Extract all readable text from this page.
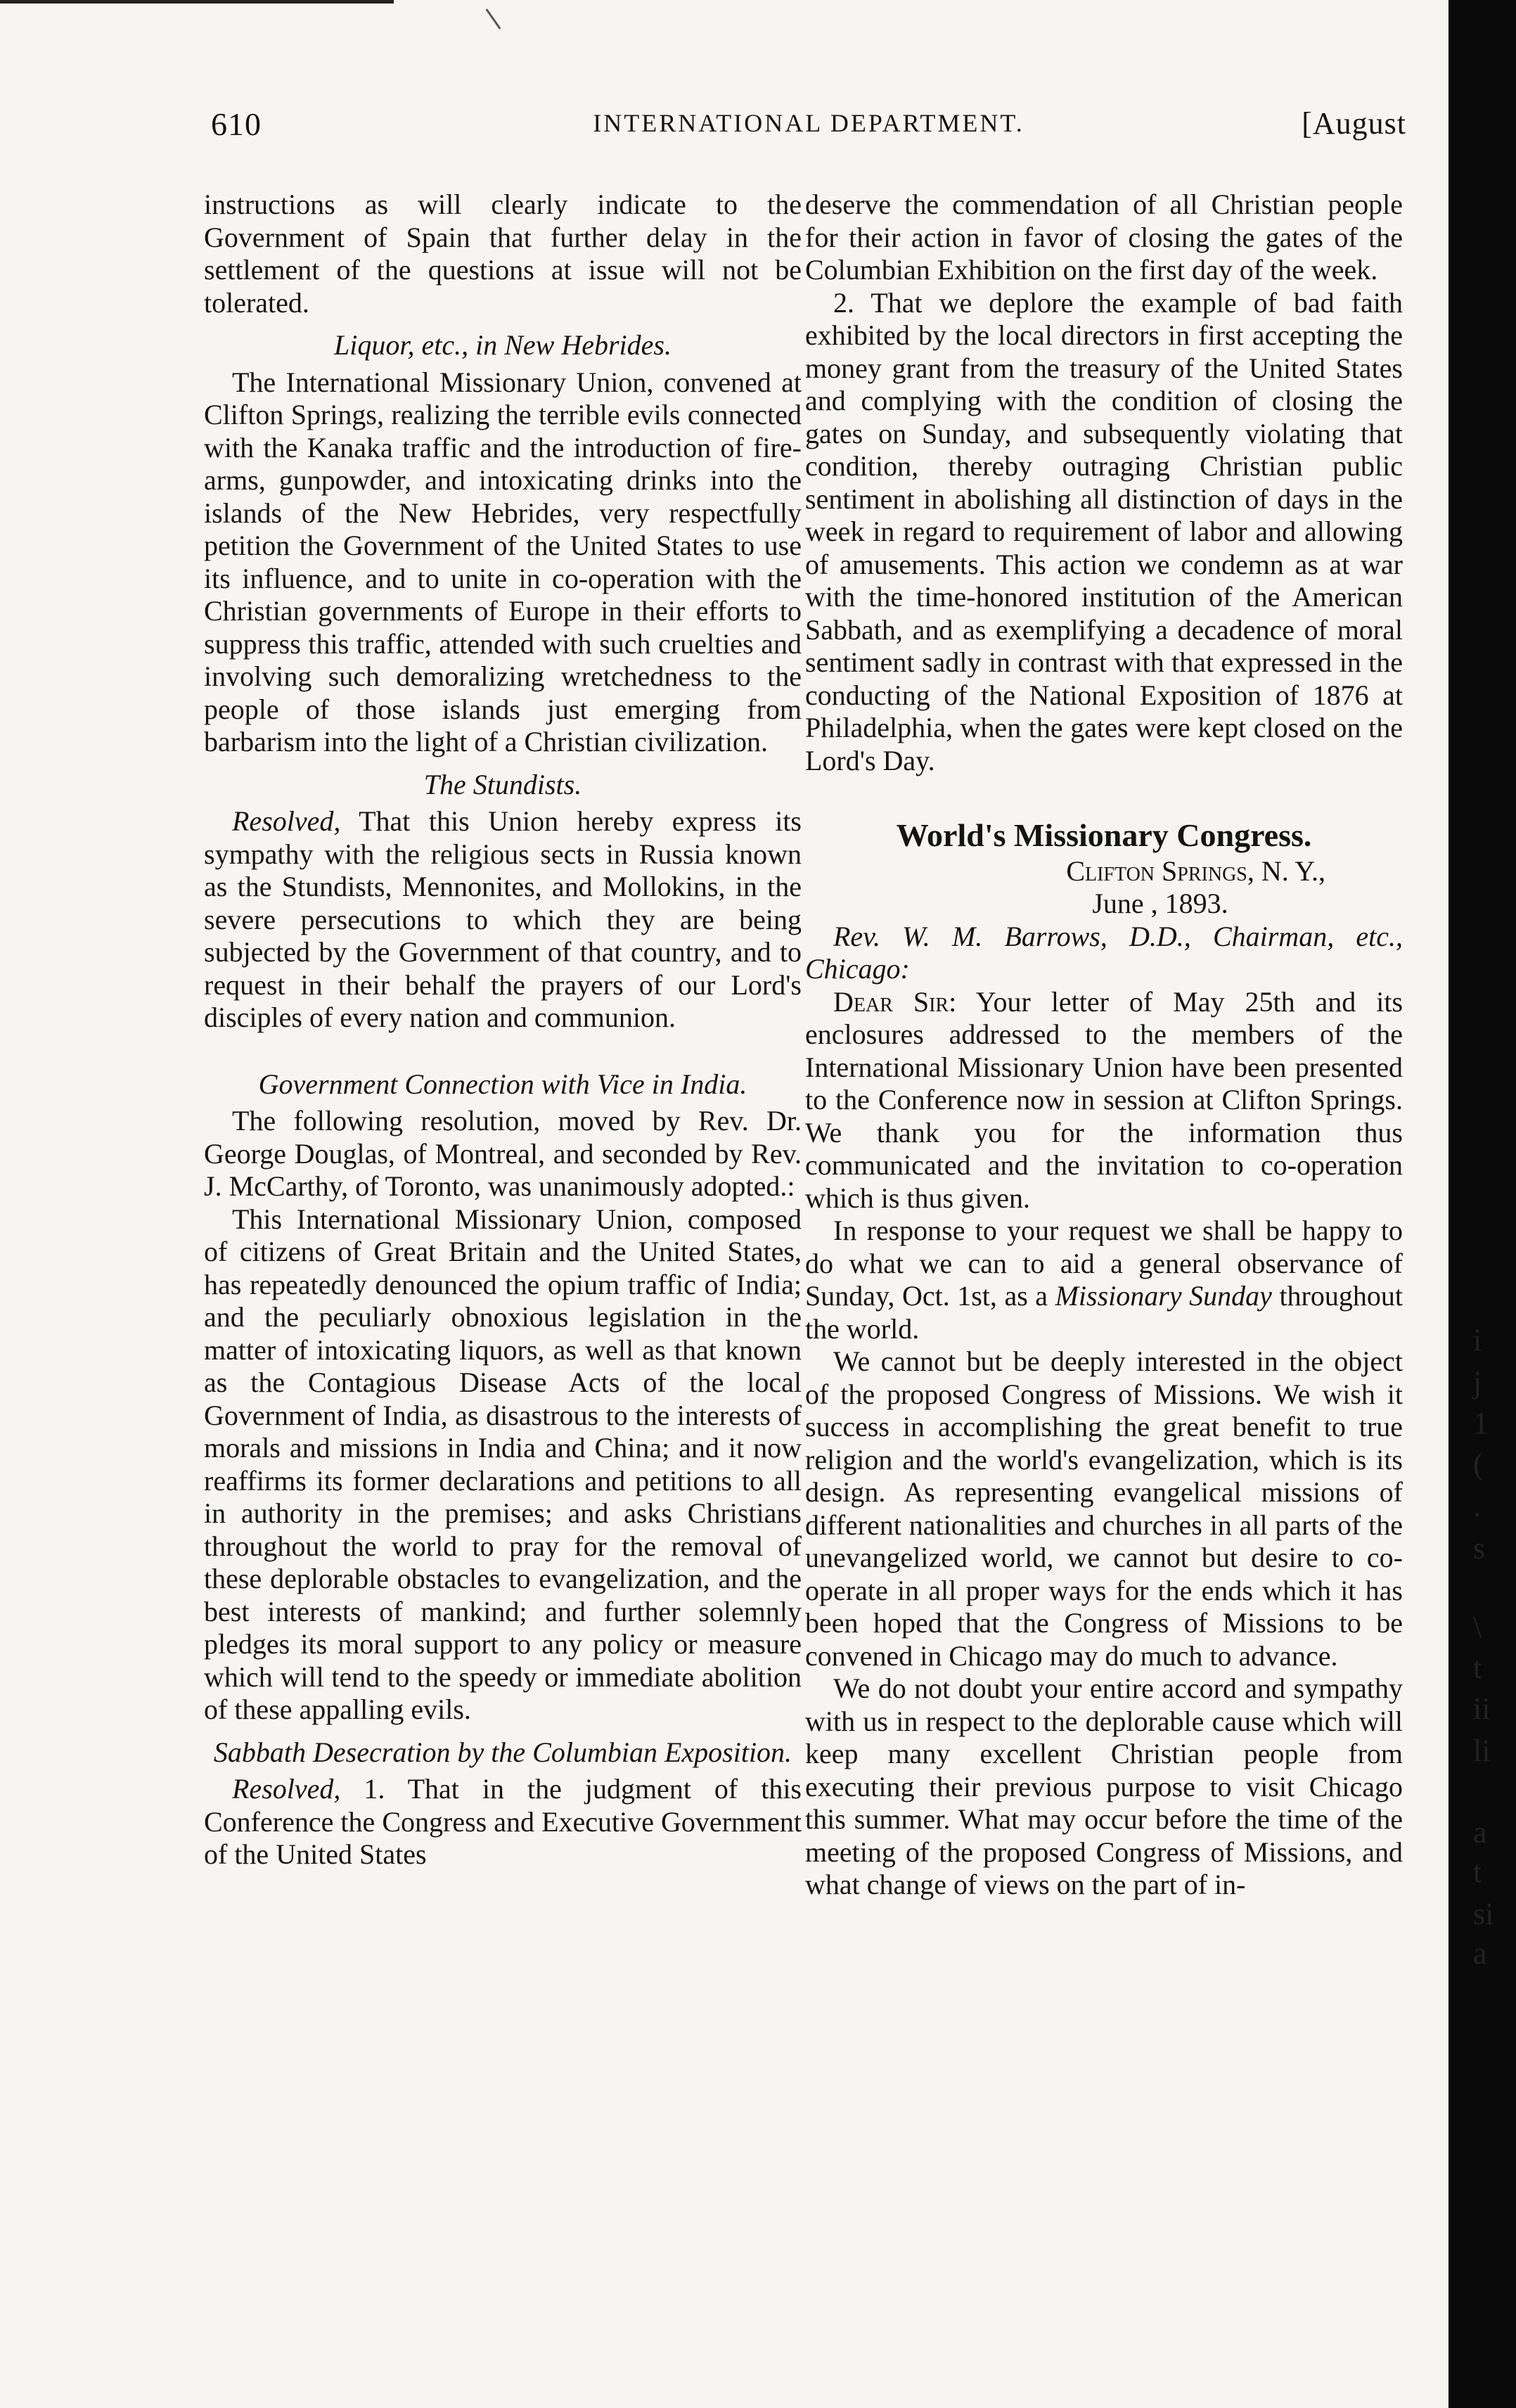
i
j
1
(
.
s
\
t
ii
li
a
t
si
a
610	INTERNATIONAL DEPARTMENT.	[August

instructions as will clearly indicate to the Government of Spain that further delay in the settlement of the questions at issue will not be tolerated.

Liquor, etc., in New Hebrides.

The International Missionary Union, convened at Clifton Springs, realizing the terrible evils connected with the Kanaka traffic and the introduction of fire-arms, gunpowder, and intoxicating drinks into the islands of the New Hebrides, very respectfully petition the Government of the United States to use its influence, and to unite in co-operation with the Christian governments of Europe in their efforts to suppress this traffic, attended with such cruelties and involving such demoralizing wretchedness to the people of those islands just emerging from barbarism into the light of a Christian civilization.

The Stundists.

Resolved, That this Union hereby express its sympathy with the religious sects in Russia known as the Stundists, Mennonites, and Mollokins, in the severe persecutions to which they are being subjected by the Government of that country, and to request in their behalf the prayers of our Lord's disciples of every nation and communion.

Government Connection with Vice in India.

The following resolution, moved by Rev. Dr. George Douglas, of Montreal, and seconded by Rev. J. McCarthy, of Toronto, was unanimously adopted.:

This International Missionary Union, composed of citizens of Great Britain and the United States, has repeatedly denounced the opium traffic of India; and the peculiarly obnoxious legislation in the matter of intoxicating liquors, as well as that known as the Contagious Disease Acts of the local Government of India, as disastrous to the interests of morals and missions in India and China; and it now reaffirms its former declarations and petitions to all in authority in the premises; and asks Christians throughout the world to pray for the removal of these deplorable obstacles to evangelization, and the best interests of mankind; and further solemnly pledges its moral support to any policy or measure which will tend to the speedy or immediate abolition of these appalling evils.

Sabbath Desecration by the Columbian Exposition.

Resolved, 1. That in the judgment of this Conference the Congress and Executive Government of the United States

deserve the commendation of all Christian people for their action in favor of closing the gates of the Columbian Exhibition on the first day of the week.

2. That we deplore the example of bad faith exhibited by the local directors in first accepting the money grant from the treasury of the United States and complying with the condition of closing the gates on Sunday, and subsequently violating that condition, thereby outraging Christian public sentiment in abolishing all distinction of days in the week in regard to requirement of labor and allowing of amusements. This action we condemn as at war with the time-honored institution of the American Sabbath, and as exemplifying a decadence of moral sentiment sadly in contrast with that expressed in the conducting of the National Exposition of 1876 at Philadelphia, when the gates were kept closed on the Lord's Day.

World's Missionary Congress.

Clifton Springs, N. Y.,

June , 1893.

Rev. W. M. Barrows, D.D., Chairman, etc., Chicago:

Dear Sir: Your letter of May 25th and its enclosures addressed to the members of the International Missionary Union have been presented to the Conference now in session at Clifton Springs. We thank you for the information thus communicated and the invitation to co-operation which is thus given.

In response to your request we shall be happy to do what we can to aid a general observance of Sunday, Oct. 1st, as a Missionary Sunday throughout the world.

We cannot but be deeply interested in the object of the proposed Congress of Missions. We wish it success in accomplishing the great benefit to true religion and the world's evangelization, which is its design. As representing evangelical missions of different nationalities and churches in all parts of the unevangelized world, we cannot but desire to co-operate in all proper ways for the ends which it has been hoped that the Congress of Missions to be convened in Chicago may do much to advance.

We do not doubt your entire accord and sympathy with us in respect to the deplorable cause which will keep many excellent Christian people from executing their previous purpose to visit Chicago this summer. What may occur before the time of the meeting of the proposed Congress of Missions, and what change of views on the part of in-
